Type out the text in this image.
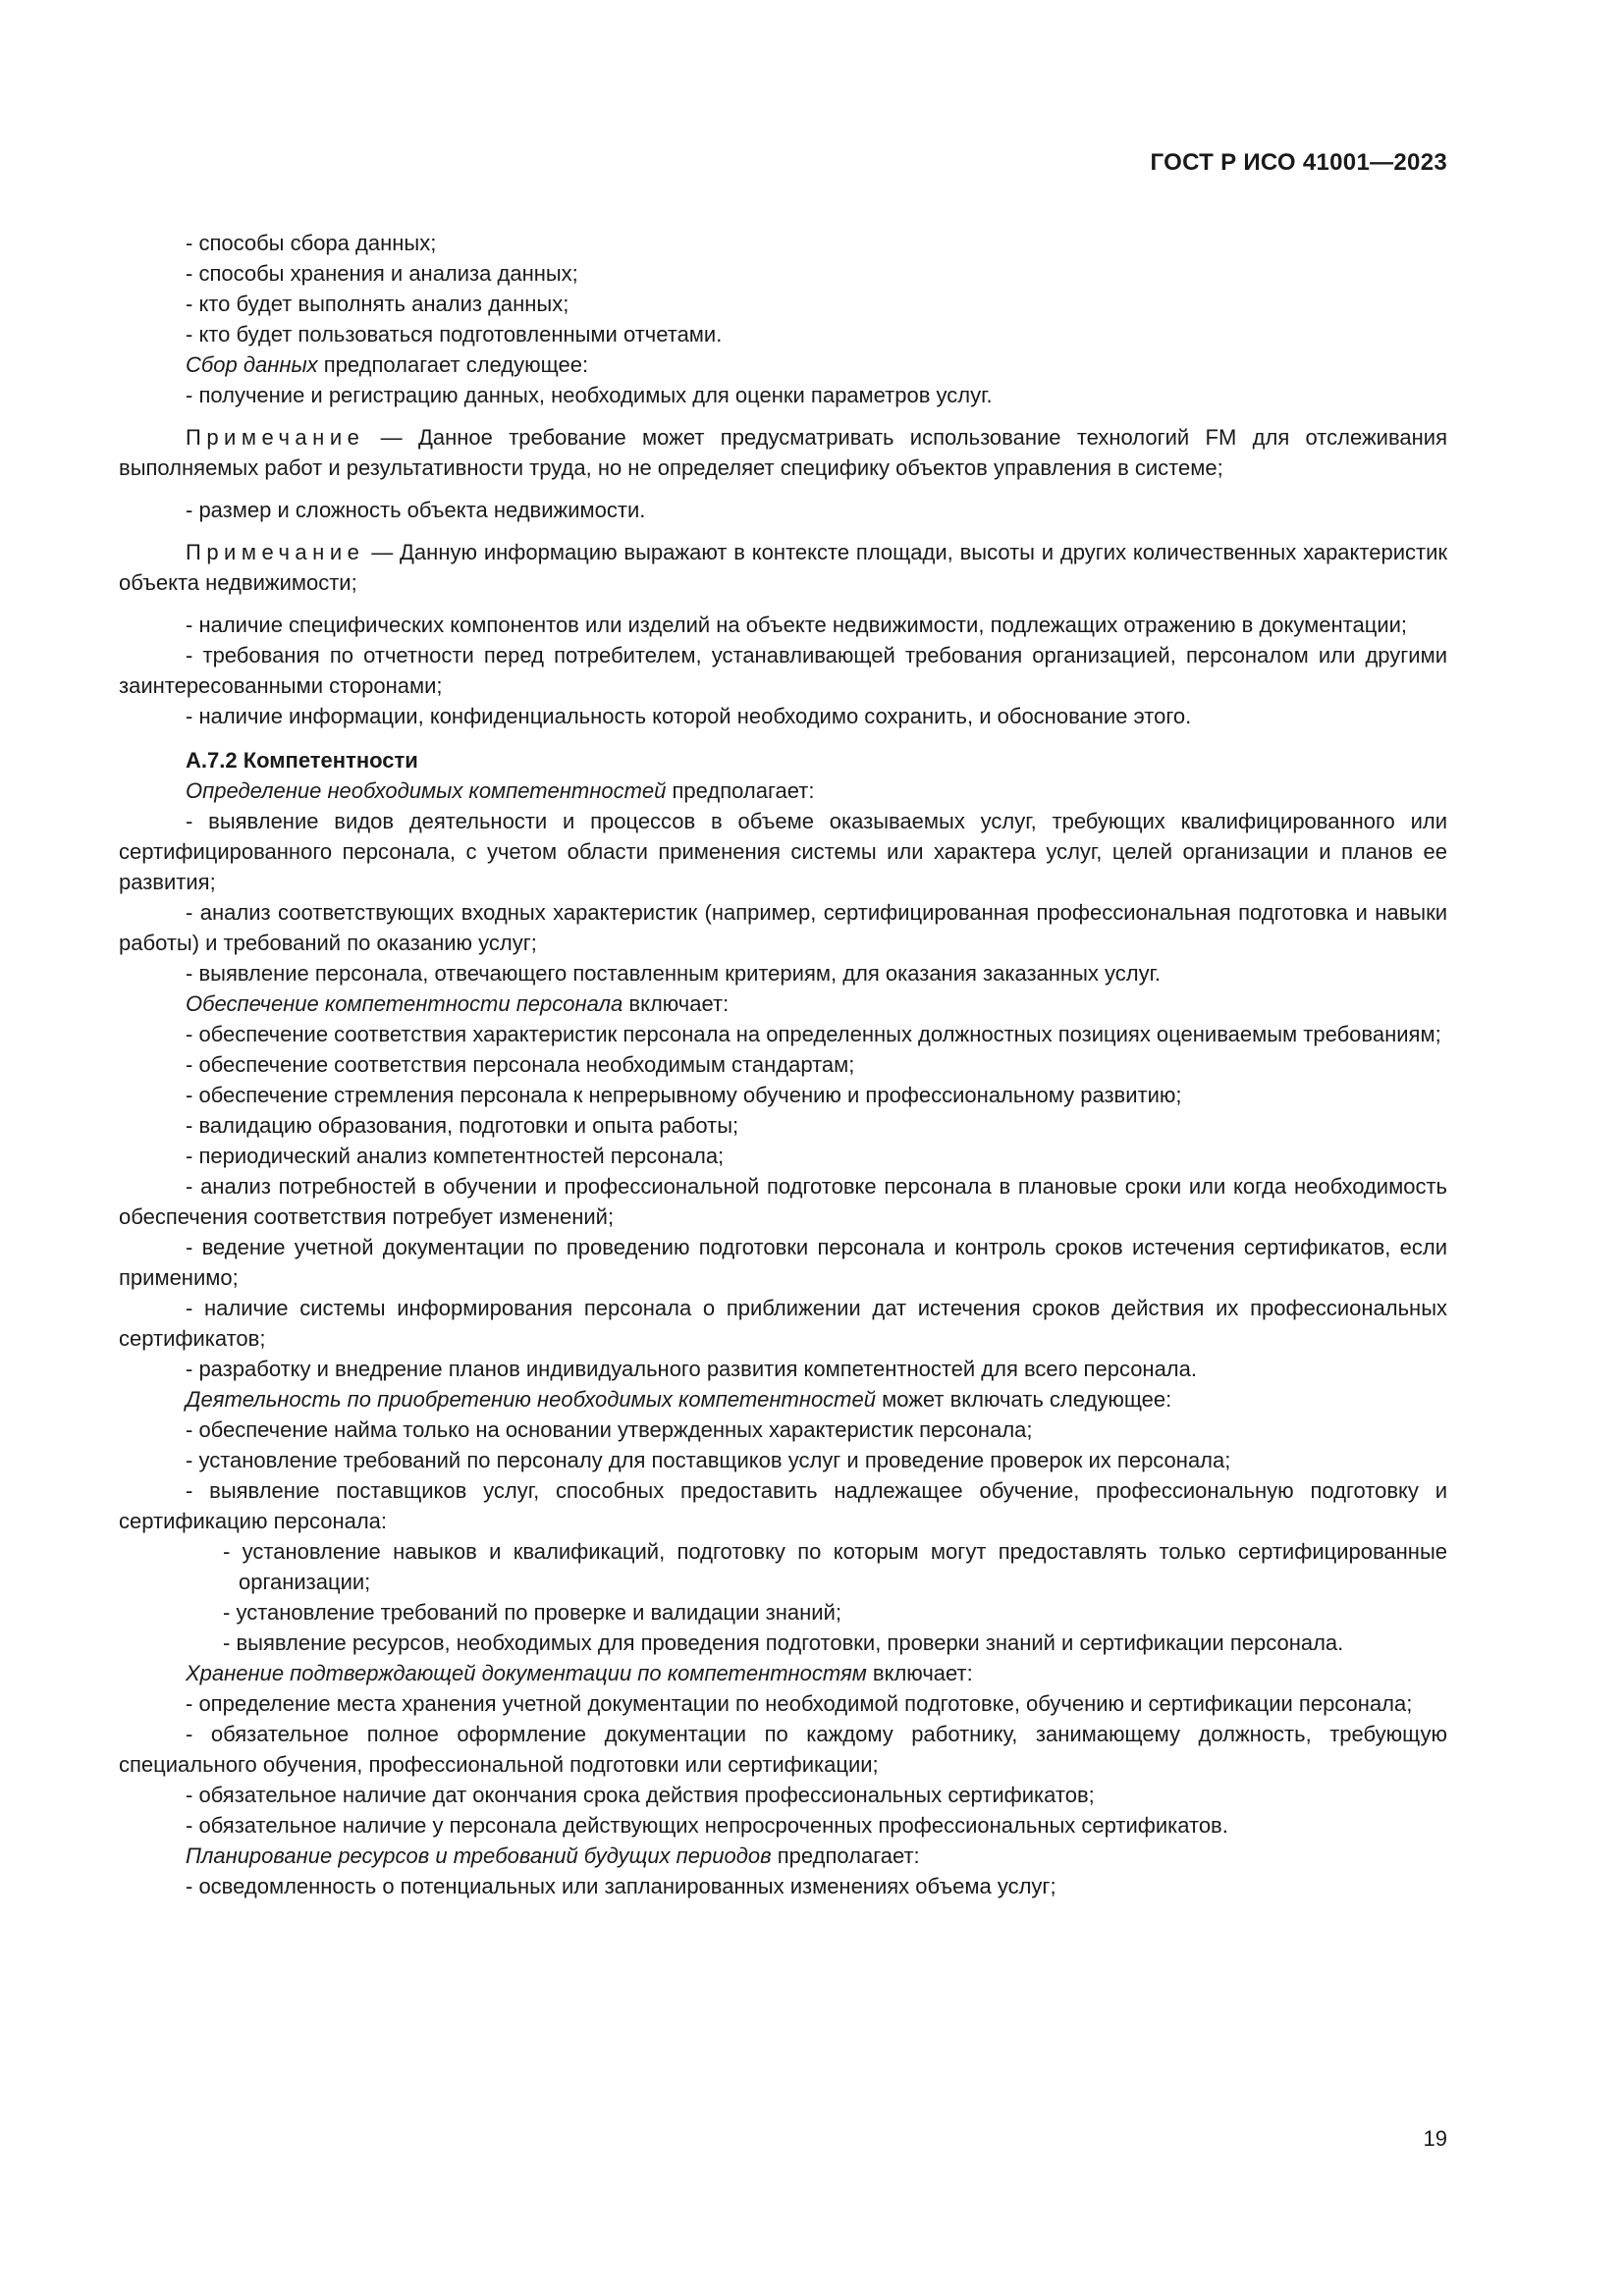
ГОСТ Р ИСО 41001—2023

- способы сбора данных;

- способы хранения и анализа данных;

- кто будет выполнять анализ данных;

- кто будет пользоваться подготовленными отчетами.

Сбор данных предполагает следующее:

- получение и регистрацию данных, необходимых для оценки параметров услуг.

Примечание — Данное требование может предусматривать использование технологий FM для отслеживания выполняемых работ и результативности труда, но не определяет специфику объектов управления в системе;

- размер и сложность объекта недвижимости.

Примечание — Данную информацию выражают в контексте площади, высоты и других количественных характеристик объекта недвижимости;

- наличие специфических компонентов или изделий на объекте недвижимости, подлежащих отражению в документации;

- требования по отчетности перед потребителем, устанавливающей требования организацией, персоналом или другими заинтересованными сторонами;

- наличие информации, конфиденциальность которой необходимо сохранить, и обоснование этого.

А.7.2 Компетентности

Определение необходимых компетентностей предполагает:

- выявление видов деятельности и процессов в объеме оказываемых услуг, требующих квалифицированного или сертифицированного персонала, с учетом области применения системы или характера услуг, целей организации и планов ее развития;

- анализ соответствующих входных характеристик (например, сертифицированная профессиональная подготовка и навыки работы) и требований по оказанию услуг;

- выявление персонала, отвечающего поставленным критериям, для оказания заказанных услуг.

Обеспечение компетентности персонала включает:

- обеспечение соответствия характеристик персонала на определенных должностных позициях оцениваемым требованиям;

- обеспечение соответствия персонала необходимым стандартам;

- обеспечение стремления персонала к непрерывному обучению и профессиональному развитию;

- валидацию образования, подготовки и опыта работы;

- периодический анализ компетентностей персонала;

- анализ потребностей в обучении и профессиональной подготовке персонала в плановые сроки или когда необходимость обеспечения соответствия потребует изменений;

- ведение учетной документации по проведению подготовки персонала и контроль сроков истечения сертификатов, если применимо;

- наличие системы информирования персонала о приближении дат истечения сроков действия их профессиональных сертификатов;

- разработку и внедрение планов индивидуального развития компетентностей для всего персонала.

Деятельность по приобретению необходимых компетентностей может включать следующее:

- обеспечение найма только на основании утвержденных характеристик персонала;

- установление требований по персоналу для поставщиков услуг и проведение проверок их персонала;

- выявление поставщиков услуг, способных предоставить надлежащее обучение, профессиональную подготовку и сертификацию персонала:

- установление навыков и квалификаций, подготовку по которым могут предоставлять только сертифицированные организации;

- установление требований по проверке и валидации знаний;

- выявление ресурсов, необходимых для проведения подготовки, проверки знаний и сертификации персонала.

Хранение подтверждающей документации по компетентностям включает:

- определение места хранения учетной документации по необходимой подготовке, обучению и сертификации персонала;

- обязательное полное оформление документации по каждому работнику, занимающему должность, требующую специального обучения, профессиональной подготовки или сертификации;

- обязательное наличие дат окончания срока действия профессиональных сертификатов;

- обязательное наличие у персонала действующих непросроченных профессиональных сертификатов.

Планирование ресурсов и требований будущих периодов предполагает:

- осведомленность о потенциальных или запланированных изменениях объема услуг;

19
